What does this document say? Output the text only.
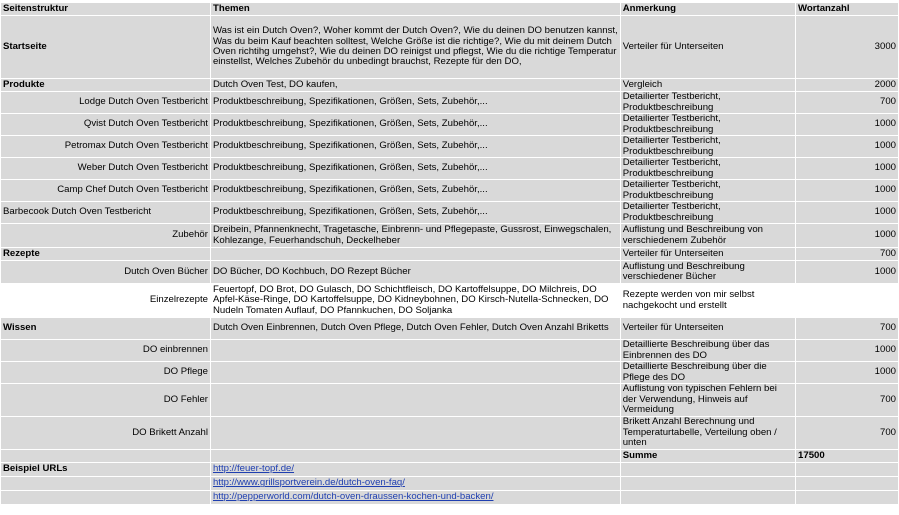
Seitenstruktur	Themen	Anmerkung	Wortanzahl
Startseite	Was ist ein Dutch Oven?, Woher kommt der Dutch Oven?, Wie du deinen DO benutzen kannst, Was du beim Kauf beachten solltest, Welche Größe ist die richtige?, Wie du mit deinem Dutch Oven richtihg umgehst?, Wie du deinen DO reinigst und pflegst, Wie du die richtige Temperatur einstellst, Welches Zubehör du unbedingt brauchst, Rezepte für den DO,	Verteiler für Unterseiten	3000
Produkte	Dutch Oven Test, DO kaufen,	Vergleich	2000
Lodge Dutch Oven Testbericht	Produktbeschreibung, Spezifikationen, Größen, Sets, Zubehör,...	Detailierter Testbericht, Produktbeschreibung	700
Qvist Dutch Oven Testbericht	Produktbeschreibung, Spezifikationen, Größen, Sets, Zubehör,...	Detailierter Testbericht, Produktbeschreibung	1000
Petromax Dutch Oven Testbericht	Produktbeschreibung, Spezifikationen, Größen, Sets, Zubehör,...	Detailierter Testbericht, Produktbeschreibung	1000
Weber Dutch Oven Testbericht	Produktbeschreibung, Spezifikationen, Größen, Sets, Zubehör,...	Detailierter Testbericht, Produktbeschreibung	1000
Camp Chef Dutch Oven Testbericht	Produktbeschreibung, Spezifikationen, Größen, Sets, Zubehör,...	Detailierter Testbericht, Produktbeschreibung	1000
Barbecook Dutch Oven Testbericht	Produktbeschreibung, Spezifikationen, Größen, Sets, Zubehör,...	Detailierter Testbericht, Produktbeschreibung	1000
Zubehör	Dreibein, Pfannenknecht, Tragetasche, Einbrenn- und Pflegepaste, Gussrost, Einwegschalen, Kohlezange, Feuerhandschuh, Deckelheber	Auflistung und Beschreibung von verschiedenem Zubehör	1000
Rezepte		Verteiler für Unterseiten	700
Dutch Oven Bücher	DO Bücher, DO Kochbuch, DO Rezept Bücher	Auflistung und Beschreibung verschiedener Bücher	1000
Einzelrezepte	Feuertopf, DO Brot, DO Gulasch, DO Schichtfleisch, DO Kartoffelsuppe, DO Milchreis, DO Apfel-Käse-Ringe, DO Kartoffelsuppe, DO Kidneybohnen, DO Kirsch-Nutella-Schnecken, DO Nudeln Tomaten Auflauf, DO Pfannkuchen, DO Soljanka	Rezepte werden von mir selbst nachgekocht und erstellt	
Wissen	Dutch Oven Einbrennen, Dutch Oven Pflege, Dutch Oven Fehler, Dutch Oven Anzahl Briketts	Verteiler für Unterseiten	700
DO einbrennen		Detaillierte Beschreibung über das Einbrennen des DO	1000
DO Pflege		Detaillierte Beschreibung über die Pflege des DO	1000
DO Fehler		Auflistung von typischen Fehlern bei der Verwendung, Hinweis auf Vermeidung	700
DO Brikett Anzahl		Brikett Anzahl Berechnung und Temperaturtabelle, Verteilung oben / unten	700
		Summe	17500
Beispiel URLs	http://feuer-topf.de/		
	http://www.grillsportverein.de/dutch-oven-faq/		
	http://pepperworld.com/dutch-oven-draussen-kochen-und-backen/		
